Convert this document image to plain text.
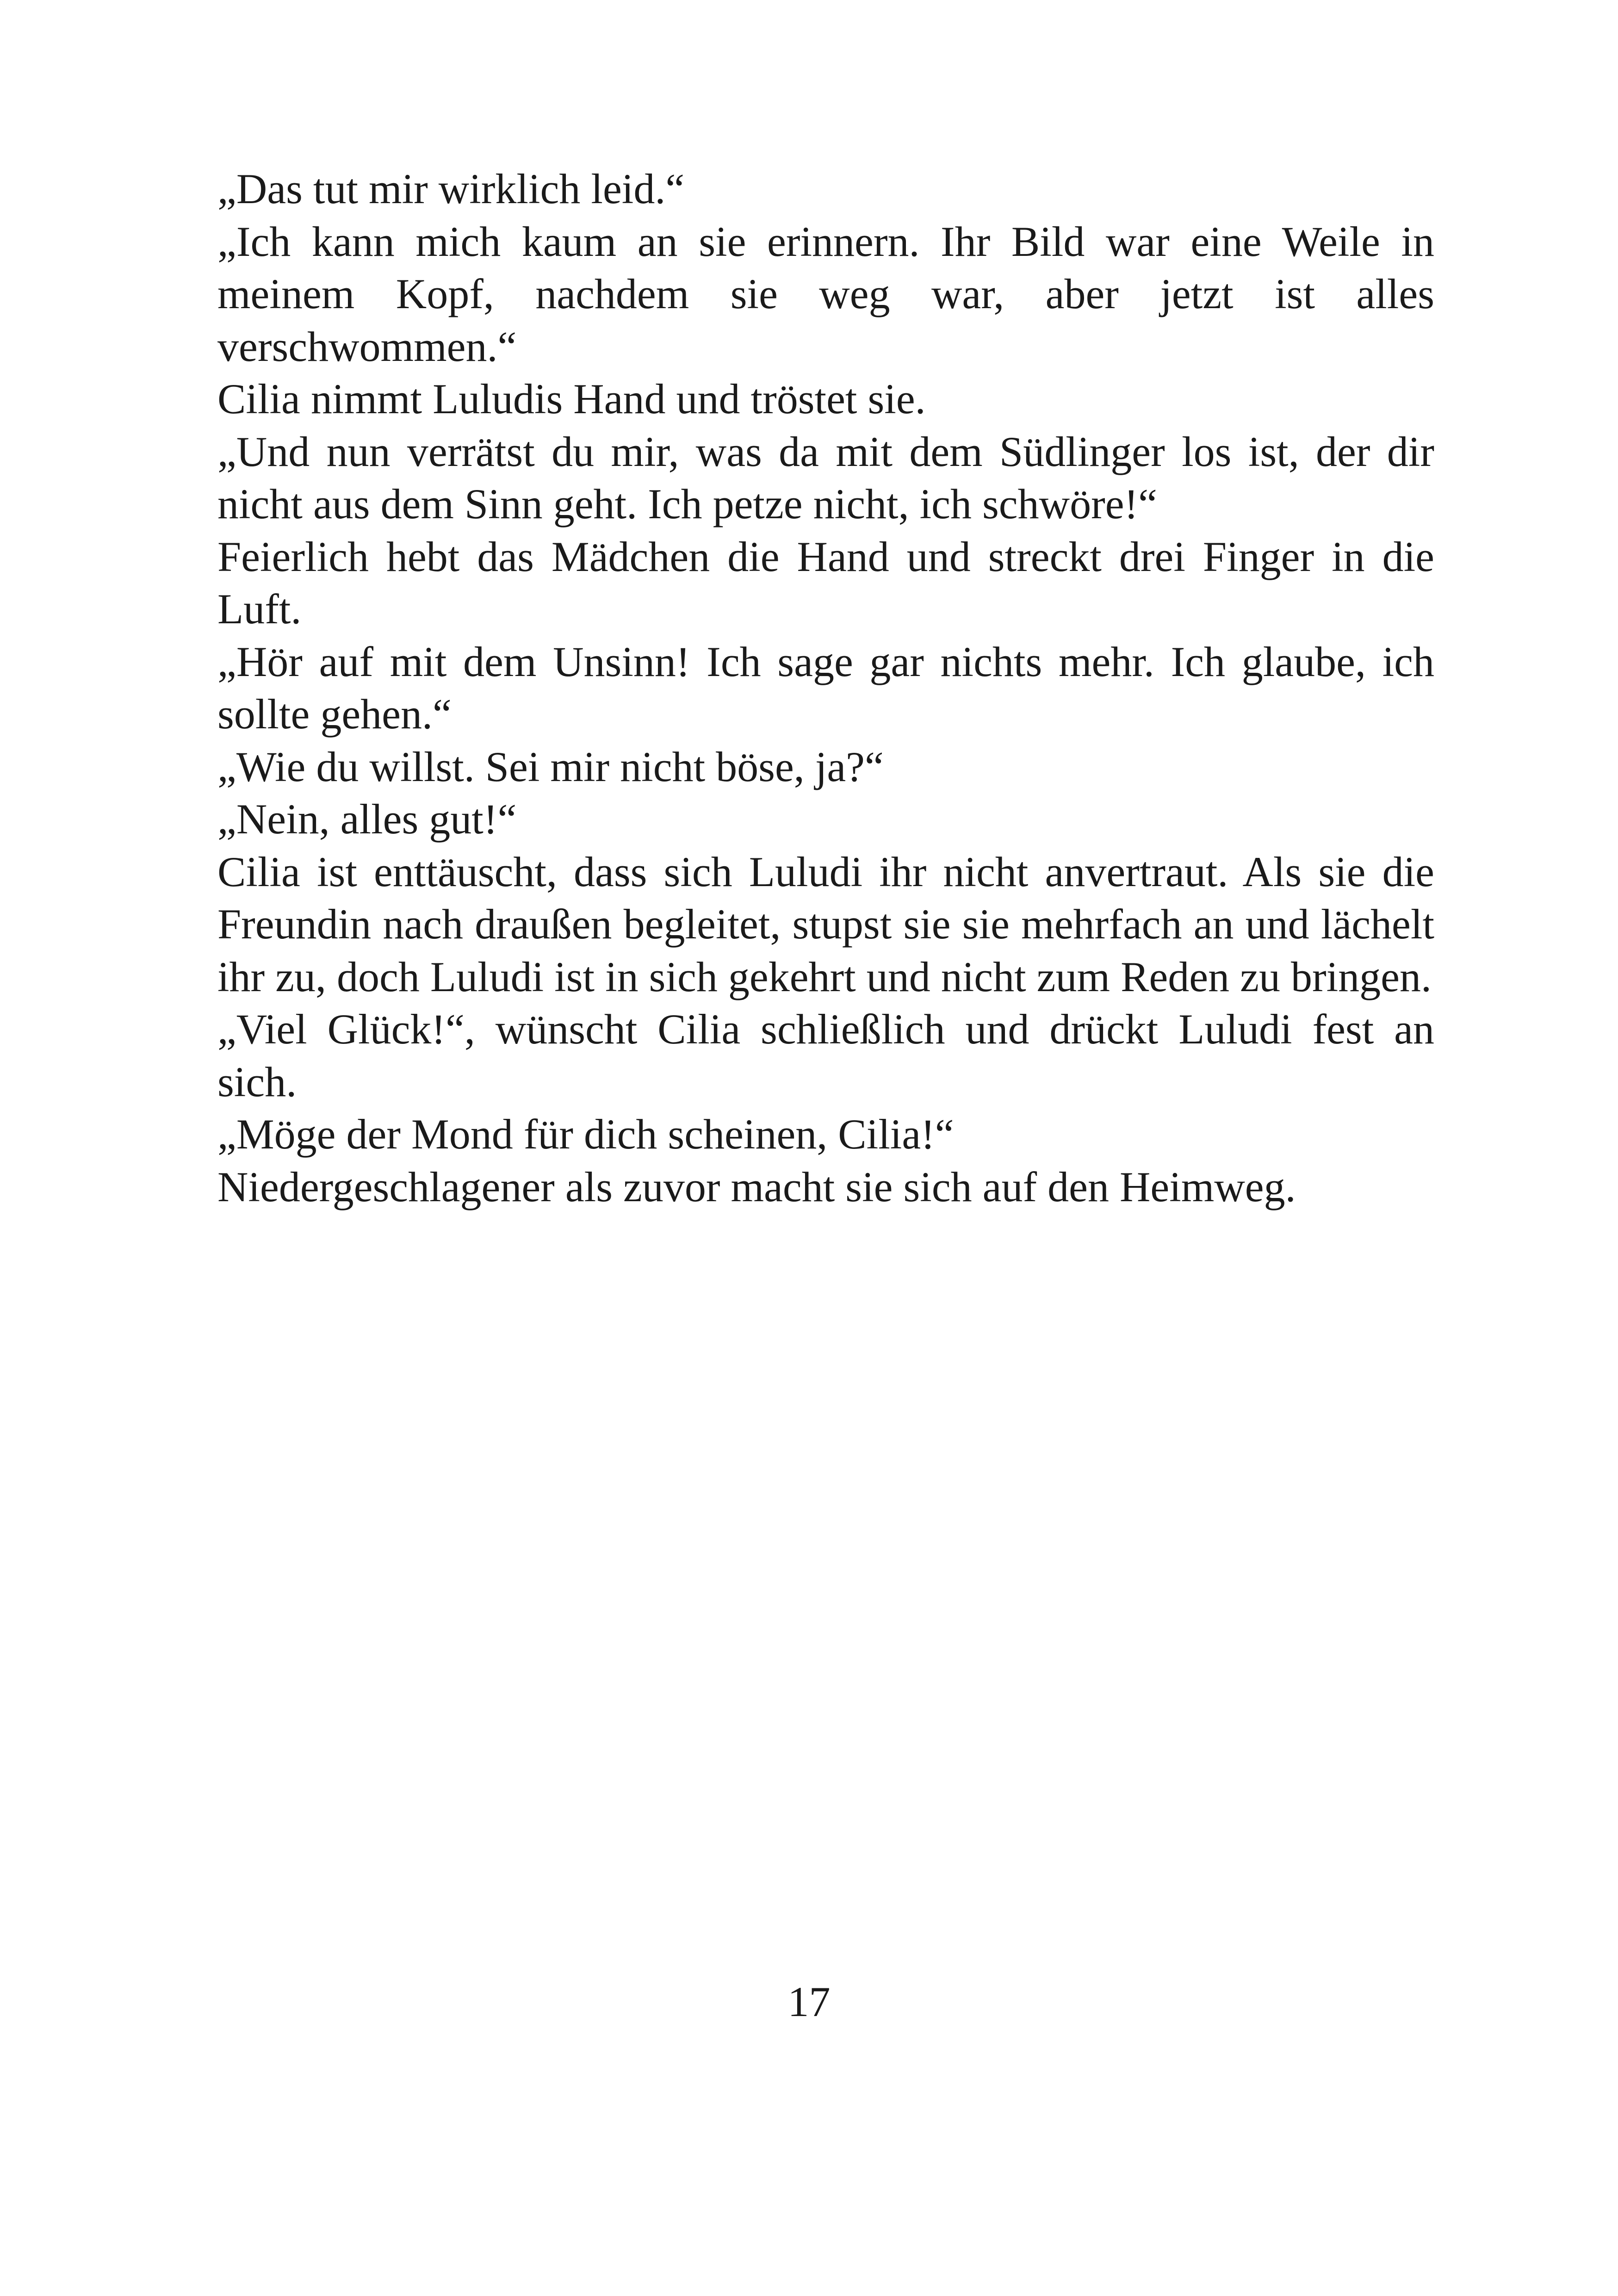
„Das tut mir wirklich leid.“

„Ich kann mich kaum an sie erinnern. Ihr Bild war eine Weile in meinem Kopf, nachdem sie weg war, aber jetzt ist alles verschwommen.“

Cilia nimmt Luludis Hand und tröstet sie.

„Und nun verrätst du mir, was da mit dem Südlinger los ist, der dir nicht aus dem Sinn geht. Ich petze nicht, ich schwöre!“

Feierlich hebt das Mädchen die Hand und streckt drei Finger in die Luft.

„Hör auf mit dem Unsinn! Ich sage gar nichts mehr. Ich glaube, ich sollte gehen.“

„Wie du willst. Sei mir nicht böse, ja?“

„Nein, alles gut!“

Cilia ist enttäuscht, dass sich Luludi ihr nicht anvertraut. Als sie die Freundin nach draußen begleitet, stupst sie sie mehrfach an und lächelt ihr zu, doch Luludi ist in sich gekehrt und nicht zum Reden zu bringen.

„Viel Glück!“, wünscht Cilia schließlich und drückt Luludi fest an sich.

„Möge der Mond für dich scheinen, Cilia!“

Niedergeschlagener als zuvor macht sie sich auf den Heimweg.

17
